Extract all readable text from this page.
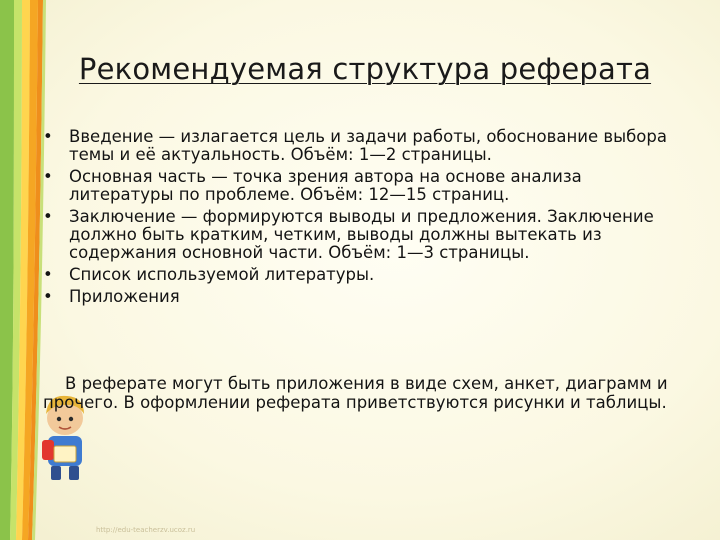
Рекомендуемая структура реферата
• Введение — излагается цель и задачи работы, обоснование выбора темы и её актуальность. Объём: 1—2 страницы.
• Основная часть — точка зрения автора на основе анализа литературы по проблеме. Объём: 12—15 страниц.
• Заключение — формируются выводы и предложения. Заключение должно быть кратким, четким, выводы должны вытекать из содержания основной части. Объём: 1—3 страницы.
• Список используемой литературы.
• Приложения
В реферате могут быть приложения в виде схем, анкет, диаграмм и прочего. В оформлении реферата приветствуются рисунки и таблицы.
http://edu-teacherzv.ucoz.ru
